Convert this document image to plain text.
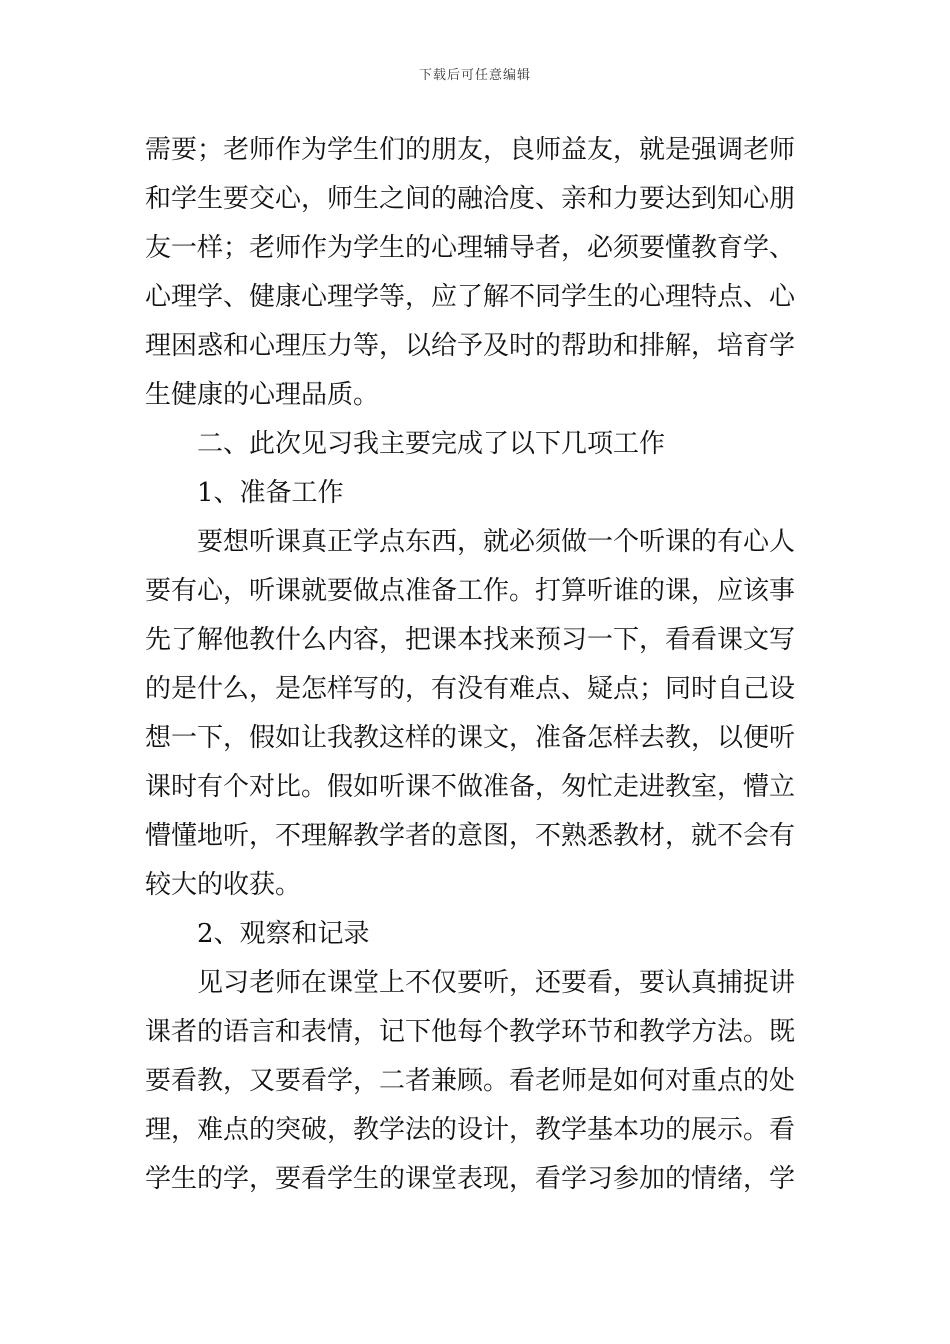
下载后可任意编辑
需要；老师作为学生们的朋友，良师益友，就是强调老师
和学生要交心，师生之间的融洽度、亲和力要达到知心朋
友一样；老师作为学生的心理辅导者，必须要懂教育学、
心理学、健康心理学等，应了解不同学生的心理特点、心
理困惑和心理压力等，以给予及时的帮助和排解，培育学
生健康的心理品质。
二、此次见习我主要完成了以下几项工作
1、准备工作
要想听课真正学点东西，就必须做一个听课的有心人
要有心，听课就要做点准备工作。打算听谁的课，应该事
先了解他教什么内容，把课本找来预习一下，看看课文写
的是什么，是怎样写的，有没有难点、疑点；同时自己设
想一下，假如让我教这样的课文，准备怎样去教，以便听
课时有个对比。假如听课不做准备，匆忙走进教室，懵立
懵懂地听，不理解教学者的意图，不熟悉教材，就不会有
较大的收获。
2、观察和记录
见习老师在课堂上不仅要听，还要看，要认真捕捉讲
课者的语言和表情，记下他每个教学环节和教学方法。既
要看教，又要看学，二者兼顾。看老师是如何对重点的处
理，难点的突破，教学法的设计，教学基本功的展示。看
学生的学，要看学生的课堂表现，看学习参加的情绪，学
